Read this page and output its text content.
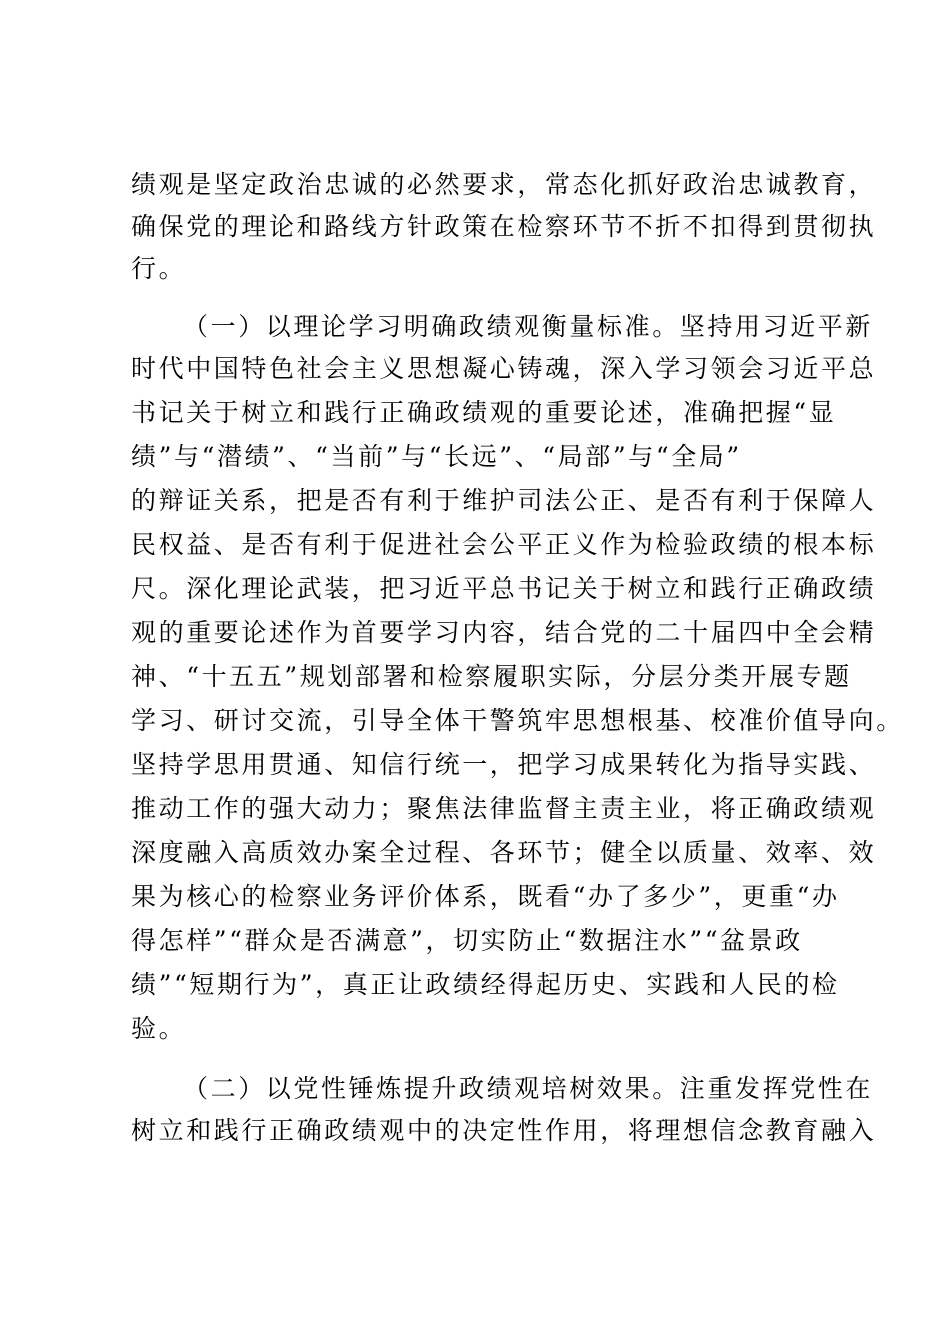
绩观是坚定政治忠诚的必然要求，常态化抓好政治忠诚教育，
确保党的理论和路线方针政策在检察环节不折不扣得到贯彻执
行。
（一）以理论学习明确政绩观衡量标准。坚持用习近平新
时代中国特色社会主义思想凝心铸魂，深入学习领会习近平总
书记关于树立和践行正确政绩观的重要论述，准确把握“显
绩”与“潜绩”、“当前”与“长远”、“局部”与“全局”
的辩证关系，把是否有利于维护司法公正、是否有利于保障人
民权益、是否有利于促进社会公平正义作为检验政绩的根本标
尺。深化理论武装，把习近平总书记关于树立和践行正确政绩
观的重要论述作为首要学习内容，结合党的二十届四中全会精
神、“十五五”规划部署和检察履职实际，分层分类开展专题
学习、研讨交流，引导全体干警筑牢思想根基、校准价值导向。
坚持学思用贯通、知信行统一，把学习成果转化为指导实践、
推动工作的强大动力；聚焦法律监督主责主业，将正确政绩观
深度融入高质效办案全过程、各环节；健全以质量、效率、效
果为核心的检察业务评价体系，既看“办了多少”，更重“办
得怎样”“群众是否满意”，切实防止“数据注水”“盆景政
绩”“短期行为”，真正让政绩经得起历史、实践和人民的检
验。
（二）以党性锤炼提升政绩观培树效果。注重发挥党性在
树立和践行正确政绩观中的决定性作用，将理想信念教育融入
